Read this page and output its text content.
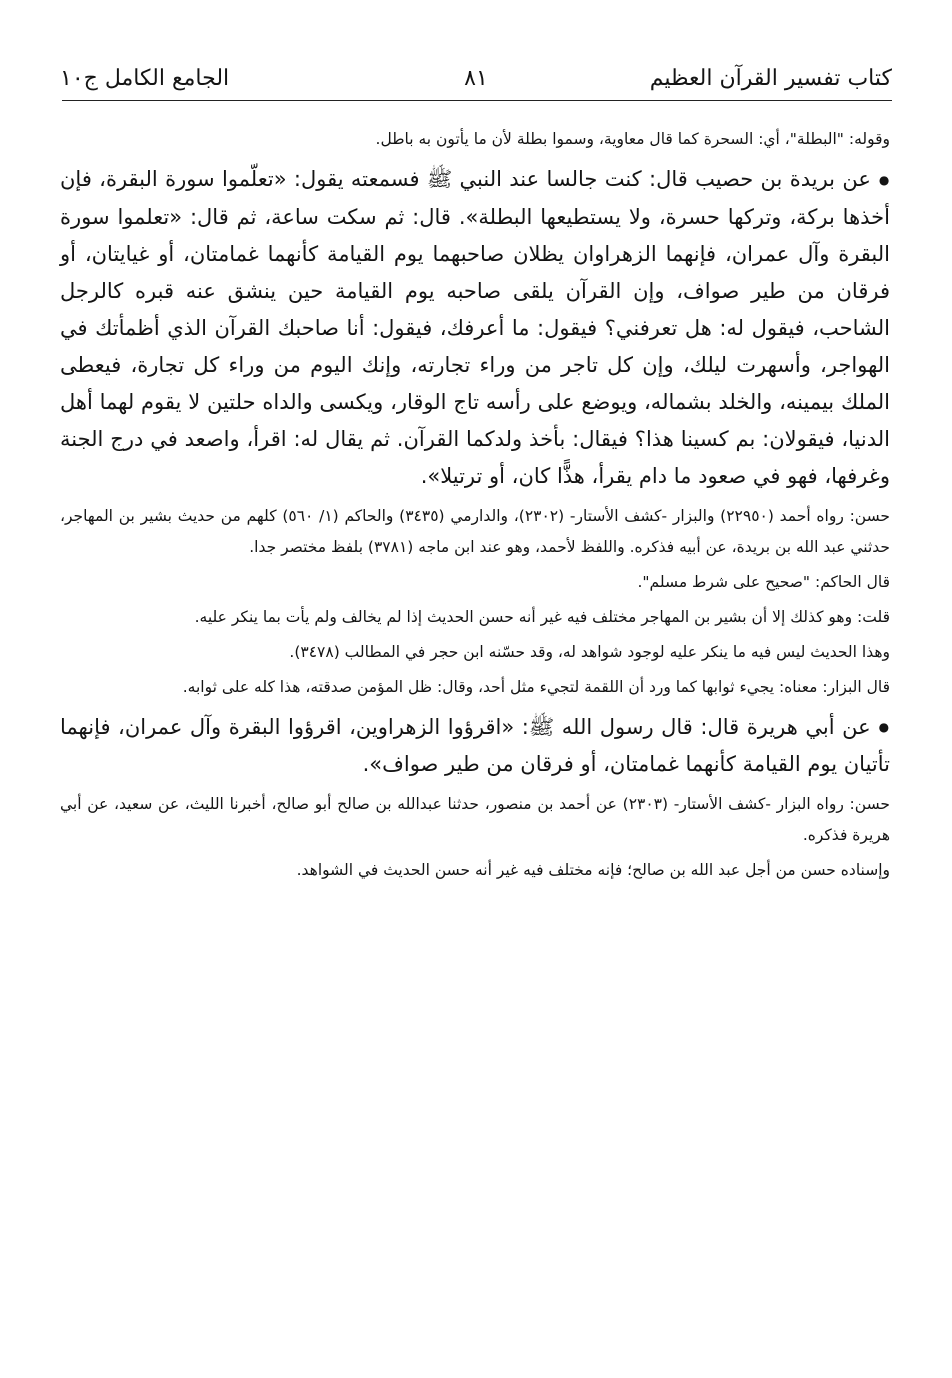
كتاب تفسير القرآن العظيم
٨١
الجامع الكامل ج١٠
وقوله: "البطلة"، أي: السحرة كما قال معاوية، وسموا بطلة لأن ما يأتون به باطل.
● عن بريدة بن حصيب قال: كنت جالسا عند النبي ﷺ فسمعته يقول: «تعلّموا سورة البقرة، فإن أخذها بركة، وتركها حسرة، ولا يستطيعها البطلة». قال: ثم سكت ساعة، ثم قال: «تعلموا سورة البقرة وآل عمران، فإنهما الزهراوان يظلان صاحبهما يوم القيامة كأنهما غمامتان، أو غيايتان، أو فرقان من طير صواف، وإن القرآن يلقى صاحبه يوم القيامة حين ينشق عنه قبره كالرجل الشاحب، فيقول له: هل تعرفني؟ فيقول: ما أعرفك، فيقول: أنا صاحبك القرآن الذي أظمأتك في الهواجر، وأسهرت ليلك، وإن كل تاجر من وراء تجارته، وإنك اليوم من وراء كل تجارة، فيعطى الملك بيمينه، والخلد بشماله، ويوضع على رأسه تاج الوقار، ويكسى والداه حلتين لا يقوم لهما أهل الدنيا، فيقولان: بم كسينا هذا؟ فيقال: بأخذ ولدكما القرآن. ثم يقال له: اقرأ، واصعد في درج الجنة وغرفها، فهو في صعود ما دام يقرأ، هذًّا كان، أو ترتيلا».
حسن: رواه أحمد (٢٢٩٥٠) والبزار -كشف الأستار- (٢٣٠٢)، والدارمي (٣٤٣٥) والحاكم (١/ ٥٦٠) كلهم من حديث بشير بن المهاجر، حدثني عبد الله بن بريدة، عن أبيه فذكره. واللفظ لأحمد، وهو عند ابن ماجه (٣٧٨١) بلفظ مختصر جدا.
قال الحاكم: "صحيح على شرط مسلم".
قلت: وهو كذلك إلا أن بشير بن المهاجر مختلف فيه غير أنه حسن الحديث إذا لم يخالف ولم يأت بما ينكر عليه.
وهذا الحديث ليس فيه ما ينكر عليه لوجود شواهد له، وقد حسّنه ابن حجر في المطالب (٣٤٧٨).
قال البزار: معناه: يجيء ثوابها كما ورد أن اللقمة لتجيء مثل أحد، وقال: ظل المؤمن صدقته، هذا كله على ثوابه.
● عن أبي هريرة قال: قال رسول الله ﷺ: «اقرؤوا الزهراوين، اقرؤوا البقرة وآل عمران، فإنهما تأتيان يوم القيامة كأنهما غمامتان، أو فرقان من طير صواف».
حسن: رواه البزار -كشف الأستار- (٢٣٠٣) عن أحمد بن منصور، حدثنا عبدالله بن صالح أبو صالح، أخبرنا الليث، عن سعيد، عن أبي هريرة فذكره.
وإسناده حسن من أجل عبد الله بن صالح؛ فإنه مختلف فيه غير أنه حسن الحديث في الشواهد.
